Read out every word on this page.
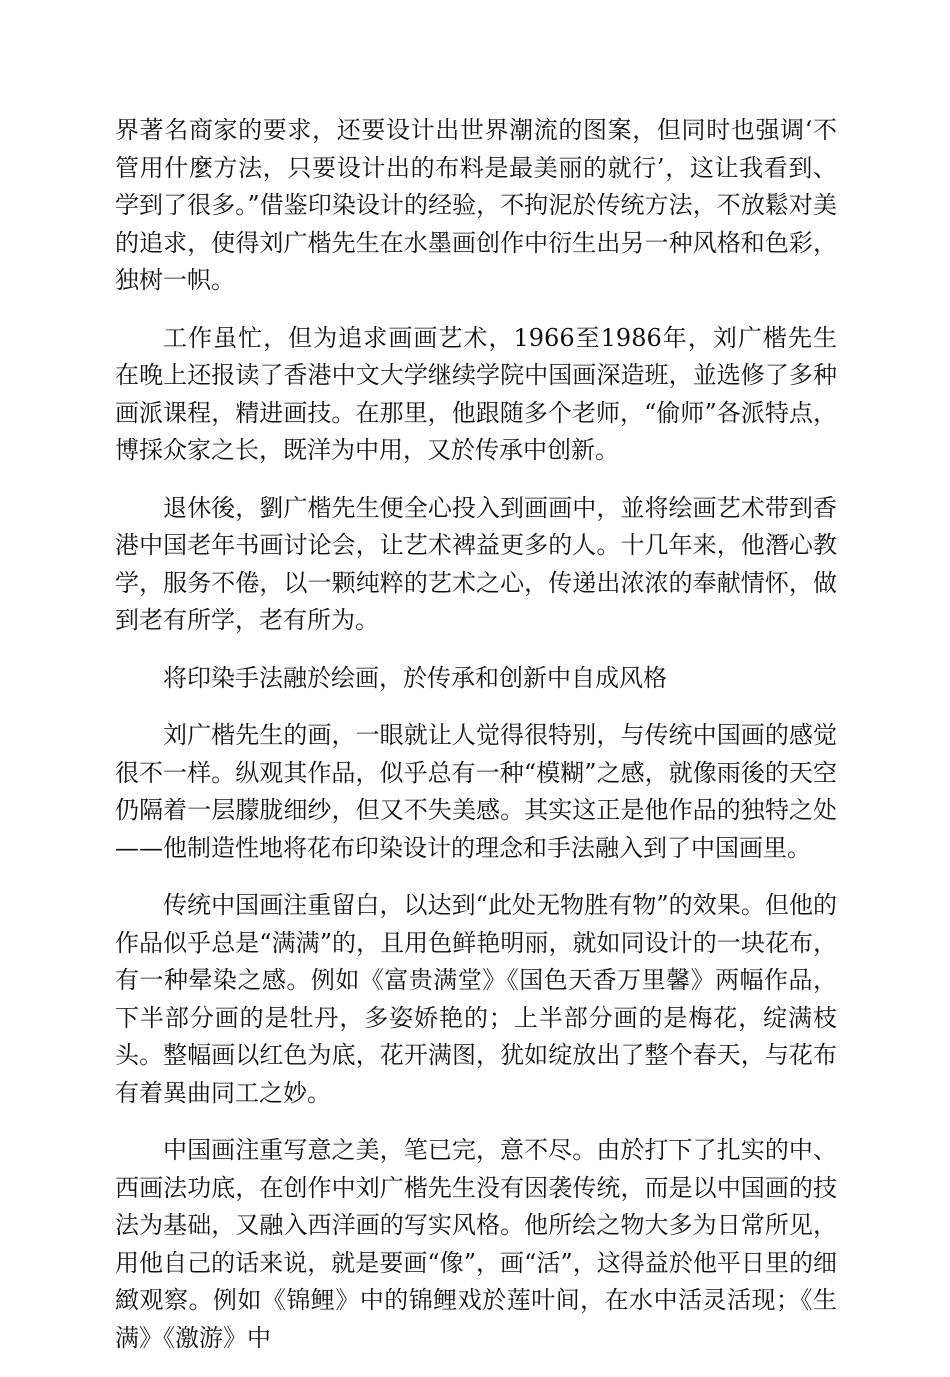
界著名商家的要求，还要设计出世界潮流的图案，但同时也强调‘不管用什麼方法，只要设计出的布料是最美丽的就行’，这让我看到、学到了很多。”借鉴印染设计的经验，不拘泥於传统方法，不放鬆对美的追求，使得刘广楷先生在水墨画创作中衍生出另一种风格和色彩，独树一帜。

工作虽忙，但为追求画画艺术，1966至1986年，刘广楷先生在晚上还报读了香港中文大学继续学院中国画深造班，並选修了多种画派课程，精进画技。在那里，他跟随多个老师，“偷师”各派特点，博採众家之长，既洋为中用，又於传承中创新。

退休後，劉广楷先生便全心投入到画画中，並将绘画艺术带到香港中国老年书画讨论会，让艺术裨益更多的人。十几年来，他潛心教学，服务不倦，以一颗纯粹的艺术之心，传递出浓浓的奉献情怀，做到老有所学，老有所为。

将印染手法融於绘画，於传承和创新中自成风格

刘广楷先生的画，一眼就让人觉得很特别，与传统中国画的感觉很不一样。纵观其作品，似乎总有一种“模糊”之感，就像雨後的天空仍隔着一层朦胧细纱，但又不失美感。其实这正是他作品的独特之处——他制造性地将花布印染设计的理念和手法融入到了中国画里。

传统中国画注重留白，以达到“此处无物胜有物”的效果。但他的作品似乎总是“满满”的，且用色鲜艳明丽，就如同设计的一块花布，有一种晕染之感。例如《富贵满堂》《国色天香万里馨》两幅作品，下半部分画的是牡丹，多姿娇艳的；上半部分画的是梅花，绽满枝头。整幅画以红色为底，花开满图，犹如绽放出了整个春天，与花布有着異曲同工之妙。

中国画注重写意之美，笔已完，意不尽。由於打下了扎实的中、西画法功底，在创作中刘广楷先生没有因袭传统，而是以中国画的技法为基础，又融入西洋画的写实风格。他所绘之物大多为日常所见，用他自己的话来说，就是要画“像”，画“活”，这得益於他平日里的细緻观察。例如《锦鲤》中的锦鲤戏於莲叶间，在水中活灵活现；《生满》《激游》中
